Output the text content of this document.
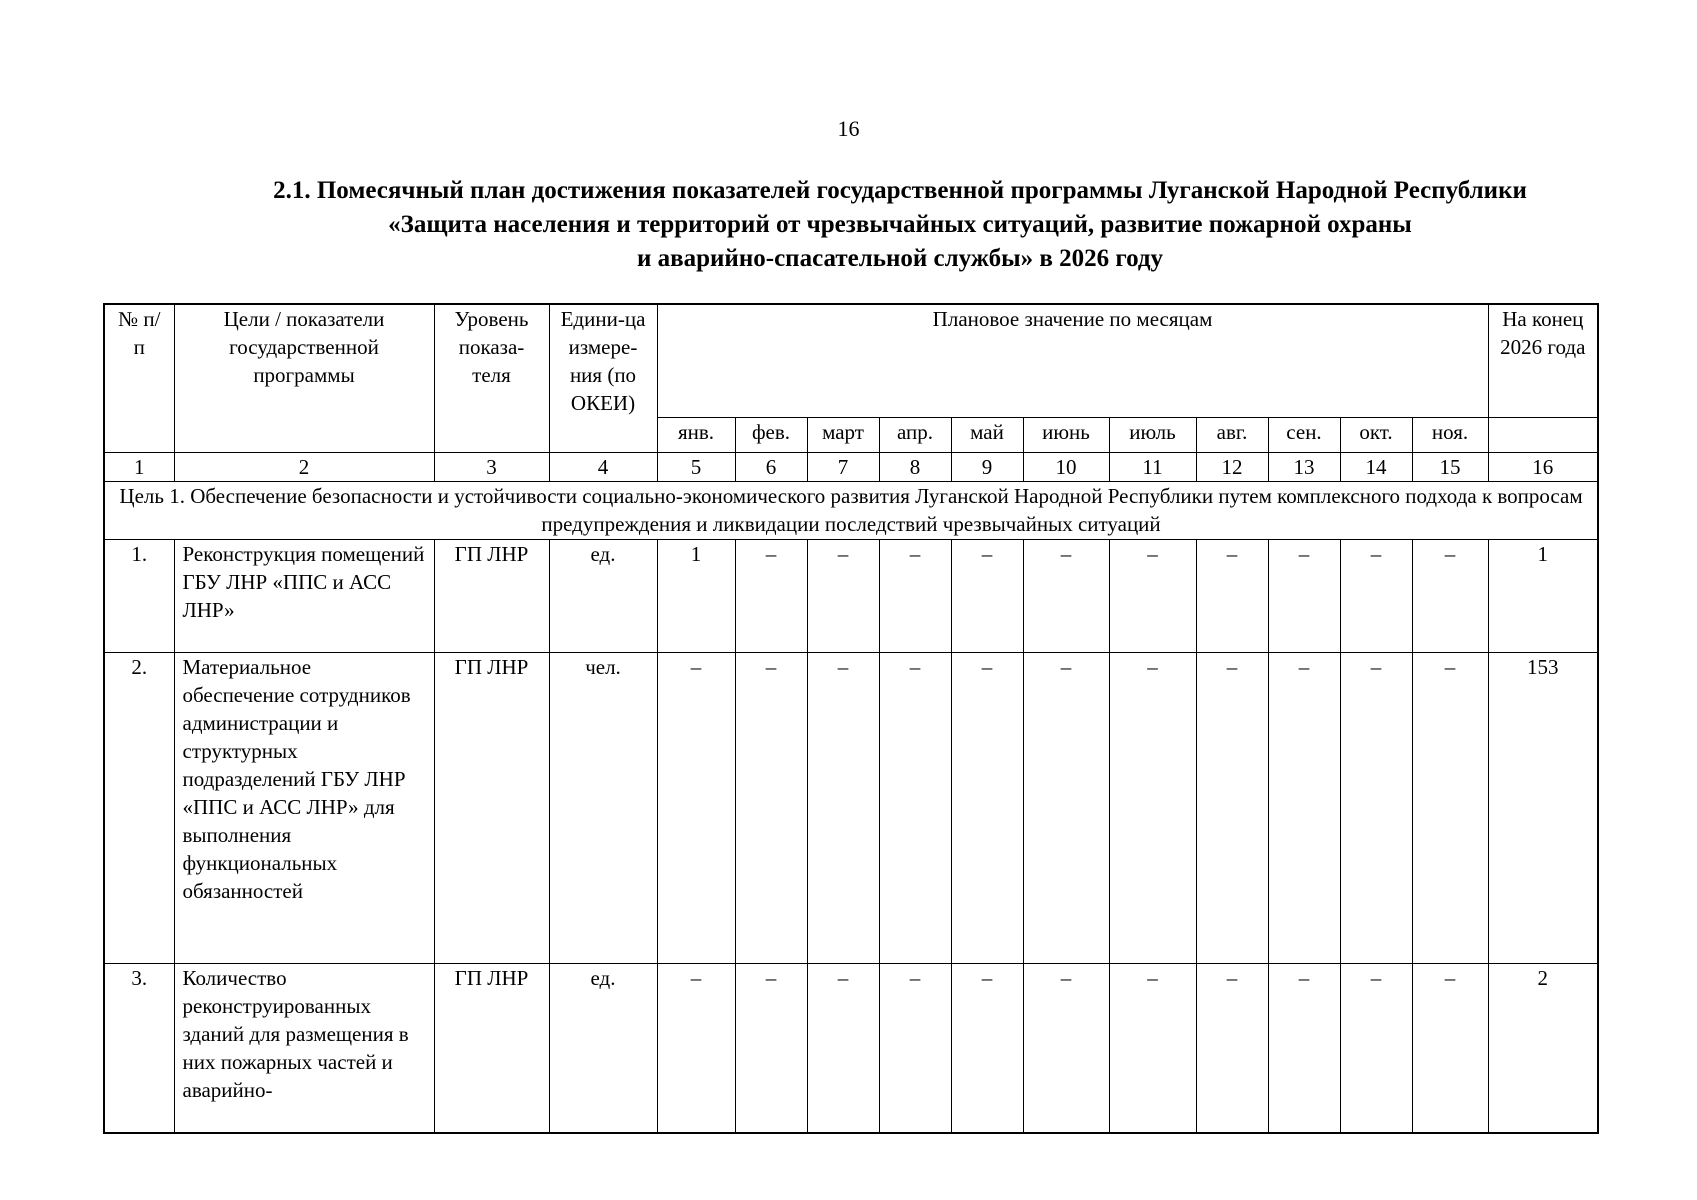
16
2.1. Помесячный план достижения показателей государственной программы Луганской Народной Республики
«Защита населения и территорий от чрезвычайных ситуаций, развитие пожарной охраны
и аварийно-спасательной службы» в 2026 году
№ п/п	Цели / показатели государственной программы	Уровень показа-теля	Едини-ца измере-ния (по ОКЕИ)	Плановое значение по месяцам											На конец 2026 года
				янв.	фев.	март	апр.	май	июнь	июль	авг.	сен.	окт.	ноя.	
1	2	3	4	5	6	7	8	9	10	11	12	13	14	15	16
Цель 1. Обеспечение безопасности и устойчивости социально-экономического развития Луганской Народной Республики путем комплексного подхода к вопросам предупреждения и ликвидации последствий чрезвычайных ситуаций															
1.	Реконструкция помещений ГБУ ЛНР «ППС и АСС ЛНР»	ГП ЛНР	ед.	1	–	–	–	–	–	–	–	–	–	–	1
2.	Материальное обеспечение сотрудников администрации и структурных подразделений ГБУ ЛНР «ППС и АСС ЛНР» для выполнения функциональных обязанностей	ГП ЛНР	чел.	–	–	–	–	–	–	–	–	–	–	–	153
3.	Количество реконструированных зданий для размещения в них пожарных частей и аварийно-	ГП ЛНР	ед.	–	–	–	–	–	–	–	–	–	–	–	2
